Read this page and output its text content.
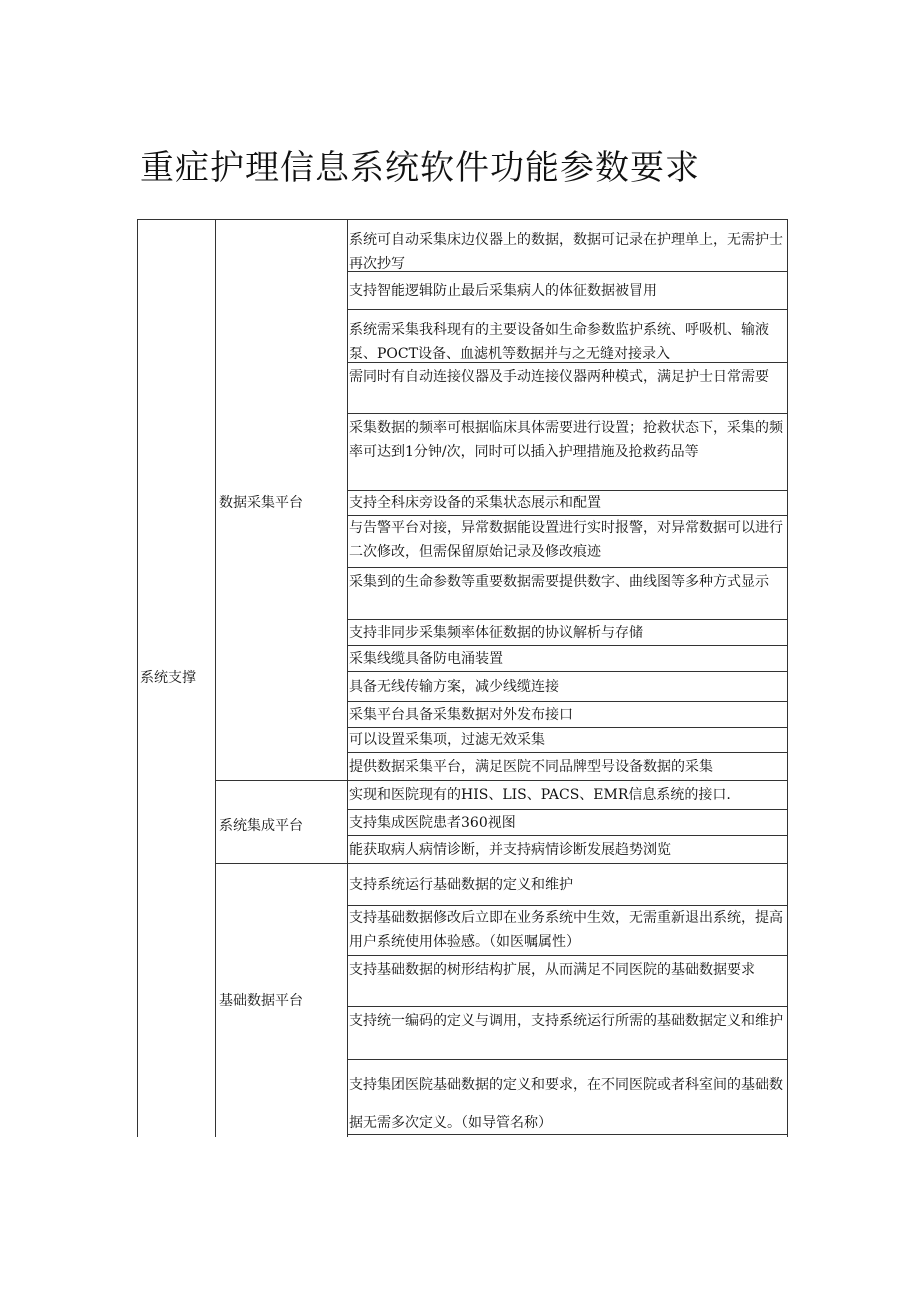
重症护理信息系统软件功能参数要求
系统支撑
数据采集平台
系统集成平台
基础数据平台
系统可自动采集床边仪器上的数据，数据可记录在护理单上，无需护士再次抄写
支持智能逻辑防止最后采集病人的体征数据被冒用
系统需采集我科现有的主要设备如生命参数监护系统、呼吸机、输液泵、POCT设备、血滤机等数据并与之无缝对接录入
需同时有自动连接仪器及手动连接仪器两种模式，满足护士日常需要
采集数据的频率可根据临床具体需要进行设置；抢救状态下，采集的频率可达到1分钟/次，同时可以插入护理措施及抢救药品等
支持全科床旁设备的采集状态展示和配置
与告警平台对接，异常数据能设置进行实时报警，对异常数据可以进行二次修改，但需保留原始记录及修改痕迹
采集到的生命参数等重要数据需要提供数字、曲线图等多种方式显示
支持非同步采集频率体征数据的协议解析与存储
采集线缆具备防电涌装置
具备无线传输方案，减少线缆连接
采集平台具备采集数据对外发布接口
可以设置采集项，过滤无效采集
提供数据采集平台，满足医院不同品牌型号设备数据的采集
实现和医院现有的HIS、LIS、PACS、EMR信息系统的接口.
支持集成医院患者360视图
能获取病人病情诊断，并支持病情诊断发展趋势浏览
支持系统运行基础数据的定义和维护
支持基础数据修改后立即在业务系统中生效，无需重新退出系统，提高用户系统使用体验感。（如医嘱属性）
支持基础数据的树形结构扩展，从而满足不同医院的基础数据要求
支持统一编码的定义与调用，支持系统运行所需的基础数据定义和维护
支持集团医院基础数据的定义和要求，在不同医院或者科室间的基础数据无需多次定义。（如导管名称）
